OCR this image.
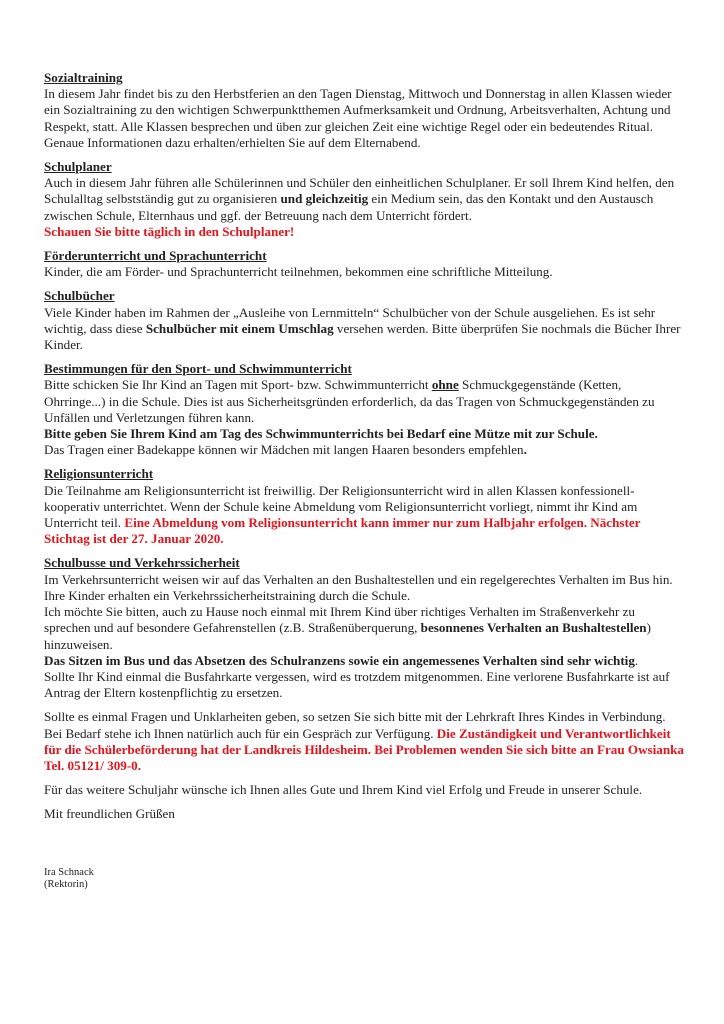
Sozialtraining
In diesem Jahr findet bis zu den Herbstferien an den Tagen Dienstag, Mittwoch und Donnerstag in allen Klassen wieder ein Sozialtraining zu den wichtigen Schwerpunktthemen Aufmerksamkeit und Ordnung, Arbeitsverhalten, Achtung und Respekt, statt. Alle Klassen besprechen und üben zur gleichen Zeit eine wichtige Regel oder ein bedeutendes Ritual. Genaue Informationen dazu erhalten/erhielten Sie auf dem Elternabend.
Schulplaner
Auch in diesem Jahr führen alle Schülerinnen und Schüler den einheitlichen Schulplaner. Er soll Ihrem Kind helfen, den Schulalltag selbstständig gut zu organisieren und gleichzeitig ein Medium sein, das den Kontakt und den Austausch zwischen Schule, Elternhaus und ggf. der Betreuung nach dem Unterricht fördert.
Schauen Sie bitte täglich in den Schulplaner!
Förderunterricht und Sprachunterricht
Kinder, die am Förder- und Sprachunterricht teilnehmen, bekommen eine schriftliche Mitteilung.
Schulbücher
Viele Kinder haben im Rahmen der „Ausleihe von Lernmitteln“ Schulbücher von der Schule ausgeliehen. Es ist sehr wichtig, dass diese Schulbücher mit einem Umschlag versehen werden. Bitte überprüfen Sie nochmals die Bücher Ihrer Kinder.
Bestimmungen für den Sport- und Schwimmunterricht
Bitte schicken Sie Ihr Kind an Tagen mit Sport- bzw. Schwimmunterricht ohne Schmuckgegenstände (Ketten, Ohrringe...) in die Schule. Dies ist aus Sicherheitsgründen erforderlich, da das Tragen von Schmuckgegenständen zu Unfällen und Verletzungen führen kann.
Bitte geben Sie Ihrem Kind am Tag des Schwimmunterrichts bei Bedarf eine Mütze mit zur Schule.
Das Tragen einer Badekappe können wir Mädchen mit langen Haaren besonders empfehlen.
Religionsunterricht
Die Teilnahme am Religionsunterricht ist freiwillig. Der Religionsunterricht wird in allen Klassen konfessionell-kooperativ unterrichtet. Wenn der Schule keine Abmeldung vom Religionsunterricht vorliegt, nimmt ihr Kind am Unterricht teil. Eine Abmeldung vom Religionsunterricht kann immer nur zum Halbjahr erfolgen. Nächster Stichtag ist der 27. Januar 2020.
Schulbusse und Verkehrssicherheit
Im Verkehrsunterricht weisen wir auf das Verhalten an den Bushaltestellen und ein regelgerechtes Verhalten im Bus hin. Ihre Kinder erhalten ein Verkehrssicherheitstraining durch die Schule.
Ich möchte Sie bitten, auch zu Hause noch einmal mit Ihrem Kind über richtiges Verhalten im Straßenverkehr zu sprechen und auf besondere Gefahrenstellen (z.B. Straßenüberquerung, besonnenes Verhalten an Bushaltestellen) hinzuweisen.
Das Sitzen im Bus und das Absetzen des Schulranzens sowie ein angemessenes Verhalten sind sehr wichtig.
Sollte Ihr Kind einmal die Busfahrkarte vergessen, wird es trotzdem mitgenommen. Eine verlorene Busfahrkarte ist auf Antrag der Eltern kostenpflichtig zu ersetzen.
Sollte es einmal Fragen und Unklarheiten geben, so setzen Sie sich bitte mit der Lehrkraft Ihres Kindes in Verbindung. Bei Bedarf stehe ich Ihnen natürlich auch für ein Gespräch zur Verfügung. Die Zuständigkeit und Verantwortlichkeit für die Schülerbeförderung hat der Landkreis Hildesheim. Bei Problemen wenden Sie sich bitte an Frau Owsianka Tel. 05121/ 309-0.
Für das weitere Schuljahr wünsche ich Ihnen alles Gute und Ihrem Kind viel Erfolg und Freude in unserer Schule.
Mit freundlichen Grüßen
Ira Schnack
(Rektorin)
